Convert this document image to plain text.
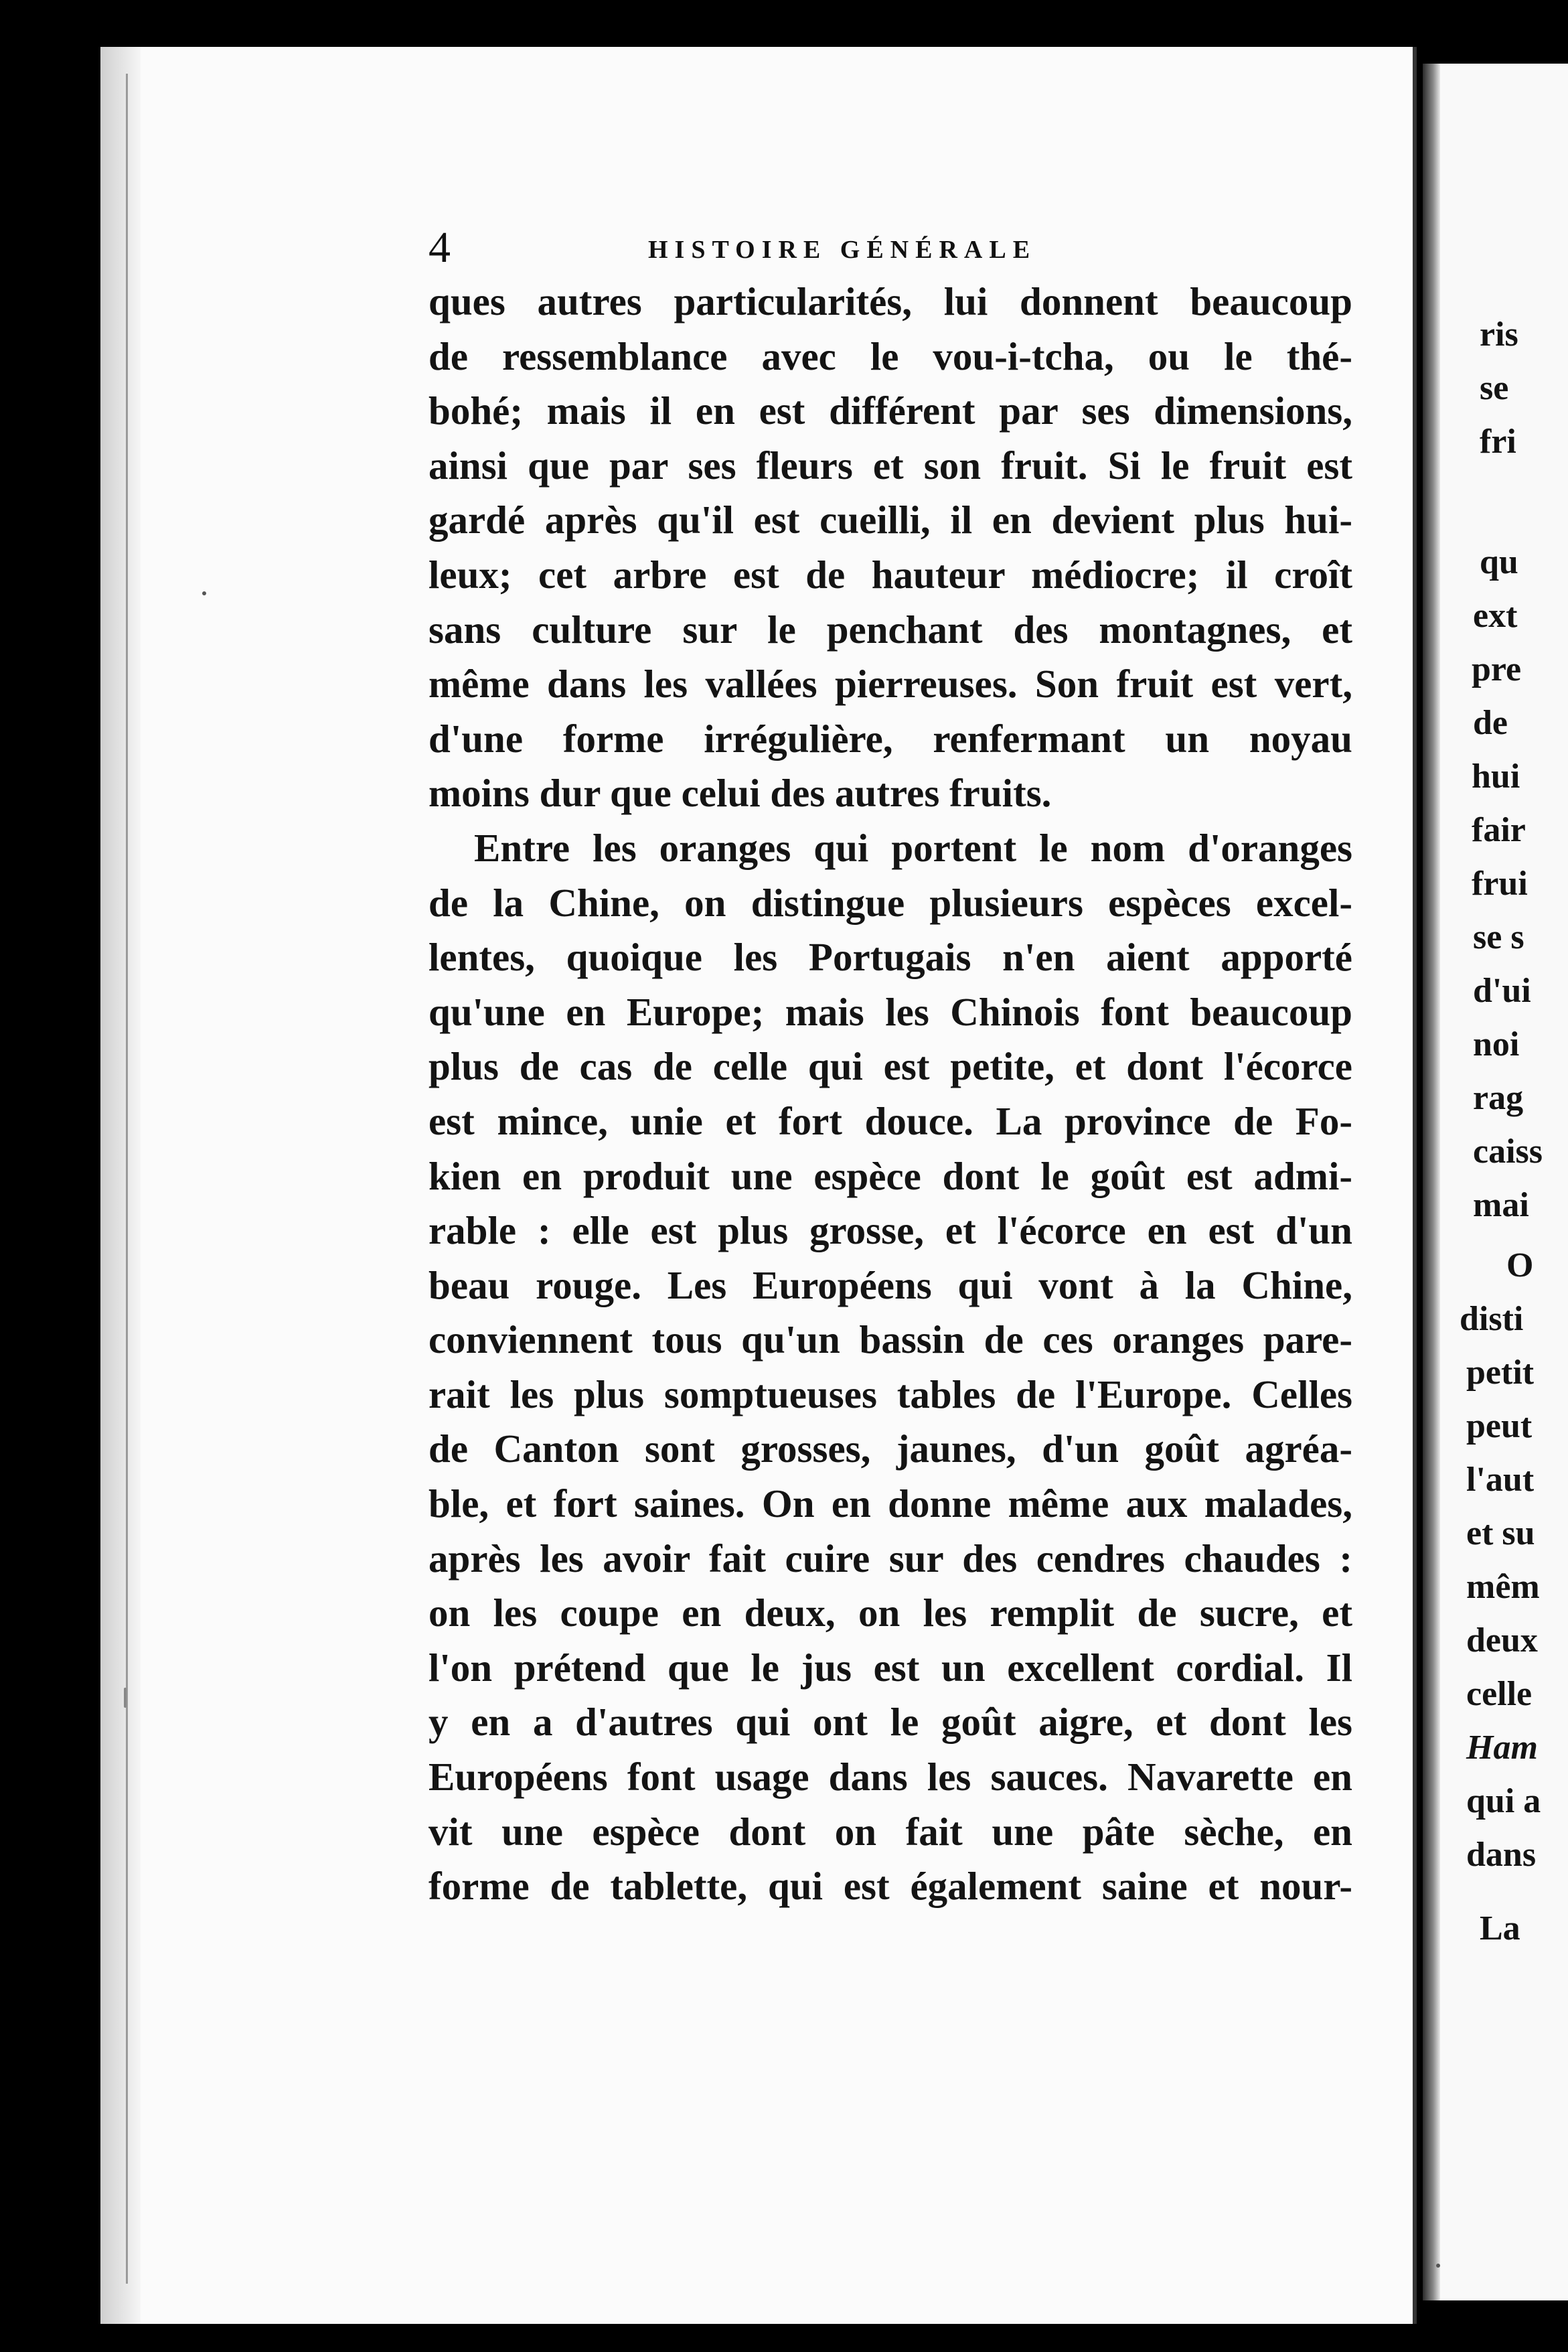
4	HISTOIRE GÉNÉRALE
ques autres particularités, lui donnent beaucoup
de ressemblance avec le vou-i-tcha, ou le thé-
bohé; mais il en est différent par ses dimensions,
ainsi que par ses fleurs et son fruit. Si le fruit est
gardé après qu'il est cueilli, il en devient plus hui-
leux; cet arbre est de hauteur médiocre; il croît
sans culture sur le penchant des montagnes, et
même dans les vallées pierreuses. Son fruit est vert,
d'une forme irrégulière, renfermant un noyau
moins dur que celui des autres fruits.
Entre les oranges qui portent le nom d'oranges
de la Chine, on distingue plusieurs espèces excel-
lentes, quoique les Portugais n'en aient apporté
qu'une en Europe; mais les Chinois font beaucoup
plus de cas de celle qui est petite, et dont l'écorce
est mince, unie et fort douce. La province de Fo-
kien en produit une espèce dont le goût est admi-
rable : elle est plus grosse, et l'écorce en est d'un
beau rouge. Les Européens qui vont à la Chine,
conviennent tous qu'un bassin de ces oranges pare-
rait les plus somptueuses tables de l'Europe. Celles
de Canton sont grosses, jaunes, d'un goût agréa-
ble, et fort saines. On en donne même aux malades,
après les avoir fait cuire sur des cendres chaudes :
on les coupe en deux, on les remplit de sucre, et
l'on prétend que le jus est un excellent cordial. Il
y en a d'autres qui ont le goût aigre, et dont les
Européens font usage dans les sauces. Navarette en
vit une espèce dont on fait une pâte sèche, en
forme de tablette, qui est également saine et nour-
ris
se
fri
qu
ext
pre
de
hui
fair
frui
se s
d'ui
noi
rag
caiss
mai
O
disti
petit
peut
l'aut
et su
mêm
deux
celle
Ham
qui a
dans
La
